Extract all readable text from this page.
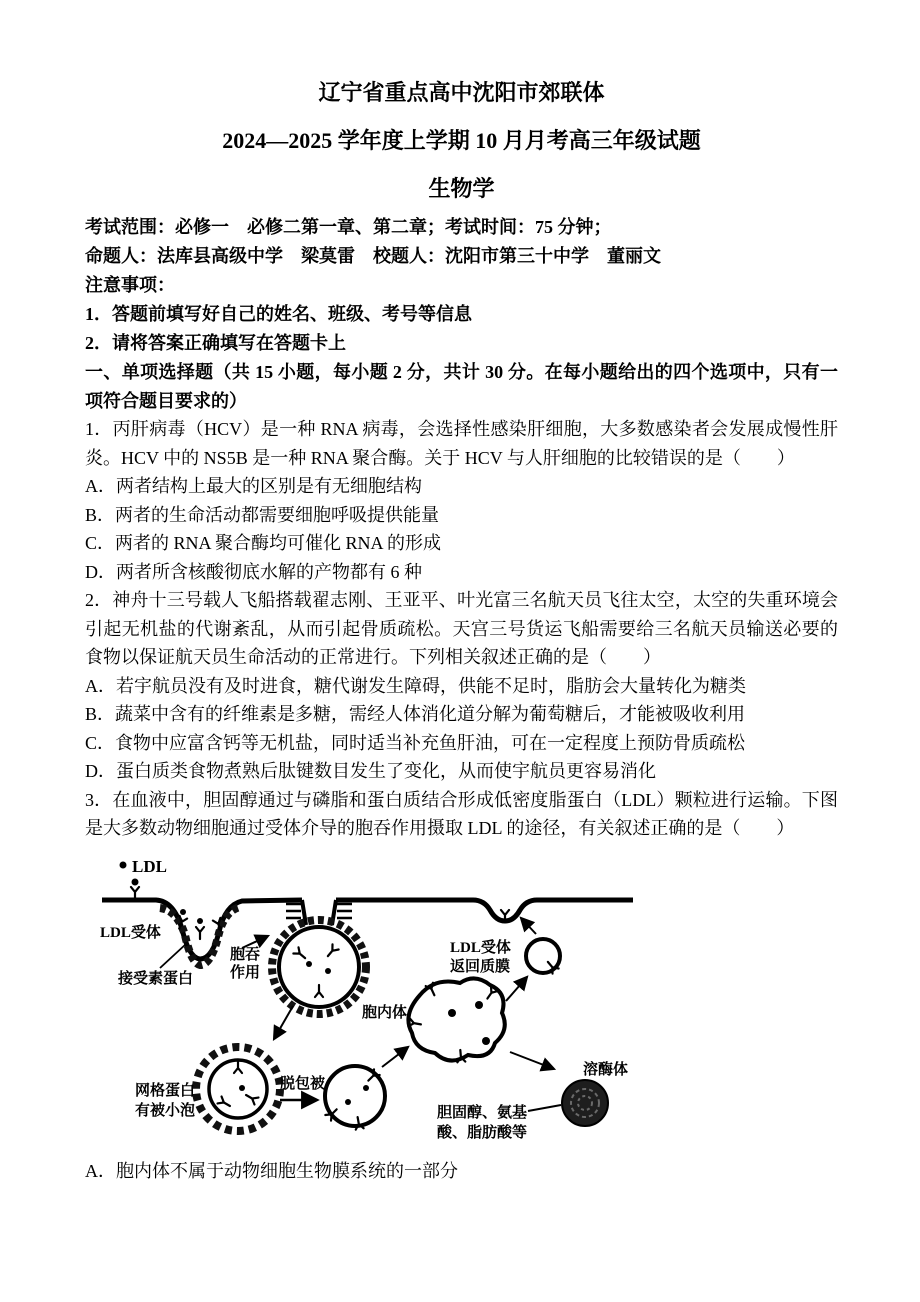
辽宁省重点高中沈阳市郊联体
2024—2025 学年度上学期 10 月月考高三年级试题
生物学
考试范围：必修一　必修二第一章、第二章；考试时间：75 分钟；
命题人：法库县高级中学　梁莫雷　校题人：沈阳市第三十中学　董丽文
注意事项：
1．答题前填写好自己的姓名、班级、考号等信息
2．请将答案正确填写在答题卡上
一、单项选择题（共 15 小题，每小题 2 分，共计 30 分。在每小题给出的四个选项中，只有一项符合题目要求的）
1．丙肝病毒（HCV）是一种 RNA 病毒，会选择性感染肝细胞，大多数感染者会发展成慢性肝炎。HCV 中的 NS5B 是一种 RNA 聚合酶。关于 HCV 与人肝细胞的比较错误的是（　　）
A．两者结构上最大的区别是有无细胞结构
B．两者的生命活动都需要细胞呼吸提供能量
C．两者的 RNA 聚合酶均可催化 RNA 的形成
D．两者所含核酸彻底水解的产物都有 6 种
2．神舟十三号载人飞船搭载翟志刚、王亚平、叶光富三名航天员飞往太空，太空的失重环境会引起无机盐的代谢紊乱，从而引起骨质疏松。天宫三号货运飞船需要给三名航天员输送必要的食物以保证航天员生命活动的正常进行。下列相关叙述正确的是（　　）
A．若宇航员没有及时进食，糖代谢发生障碍，供能不足时，脂肪会大量转化为糖类
B．蔬菜中含有的纤维素是多糖，需经人体消化道分解为葡萄糖后，才能被吸收利用
C．食物中应富含钙等无机盐，同时适当补充鱼肝油，可在一定程度上预防骨质疏松
D．蛋白质类食物煮熟后肽键数目发生了变化，从而使宇航员更容易消化
3．在血液中，胆固醇通过与磷脂和蛋白质结合形成低密度脂蛋白（LDL）颗粒进行运输。下图是大多数动物细胞通过受体介导的胞吞作用摄取 LDL 的途径，有关叙述正确的是（　　）
LDL
LDL受体
接受素蛋白
胞吞
作用
网格蛋白
有被小泡
脱包被
胞内体
LDL受体
返回质膜
溶酶体
胆固醇、氨基
酸、脂肪酸等
A．胞内体不属于动物细胞生物膜系统的一部分
